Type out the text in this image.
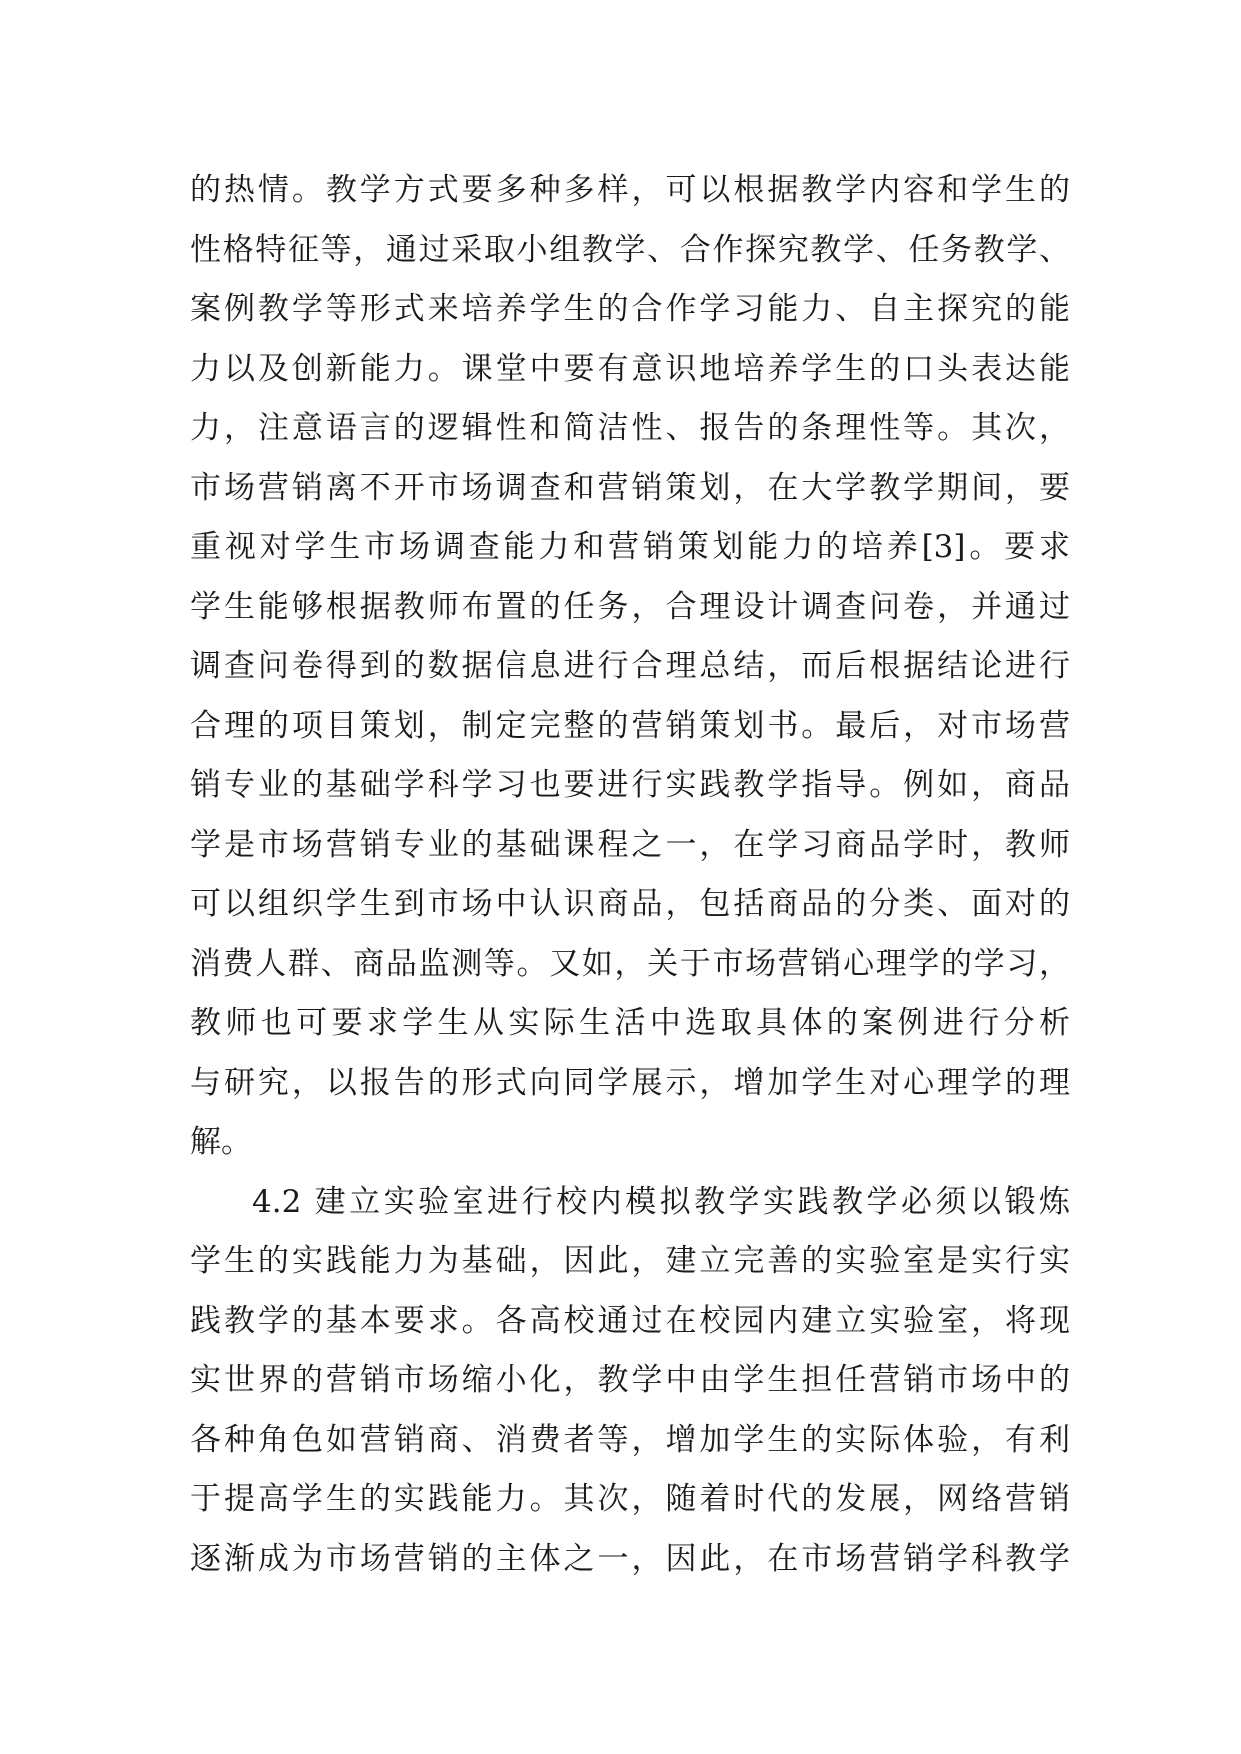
的热情。教学方式要多种多样，可以根据教学内容和学生的
性格特征等，通过采取小组教学、合作探究教学、任务教学、
案例教学等形式来培养学生的合作学习能力、自主探究的能
力以及创新能力。课堂中要有意识地培养学生的口头表达能
力，注意语言的逻辑性和简洁性、报告的条理性等。其次，
市场营销离不开市场调查和营销策划，在大学教学期间，要
重视对学生市场调查能力和营销策划能力的培养[3]。要求
学生能够根据教师布置的任务，合理设计调查问卷，并通过
调查问卷得到的数据信息进行合理总结，而后根据结论进行
合理的项目策划，制定完整的营销策划书。最后，对市场营
销专业的基础学科学习也要进行实践教学指导。例如，商品
学是市场营销专业的基础课程之一，在学习商品学时，教师
可以组织学生到市场中认识商品，包括商品的分类、面对的
消费人群、商品监测等。又如，关于市场营销心理学的学习，
教师也可要求学生从实际生活中选取具体的案例进行分析
与研究，以报告的形式向同学展示，增加学生对心理学的理
解。
4.2 建立实验室进行校内模拟教学实践教学必须以锻炼
学生的实践能力为基础，因此，建立完善的实验室是实行实
践教学的基本要求。各高校通过在校园内建立实验室，将现
实世界的营销市场缩小化，教学中由学生担任营销市场中的
各种角色如营销商、消费者等，增加学生的实际体验，有利
于提高学生的实践能力。其次，随着时代的发展，网络营销
逐渐成为市场营销的主体之一，因此，在市场营销学科教学
